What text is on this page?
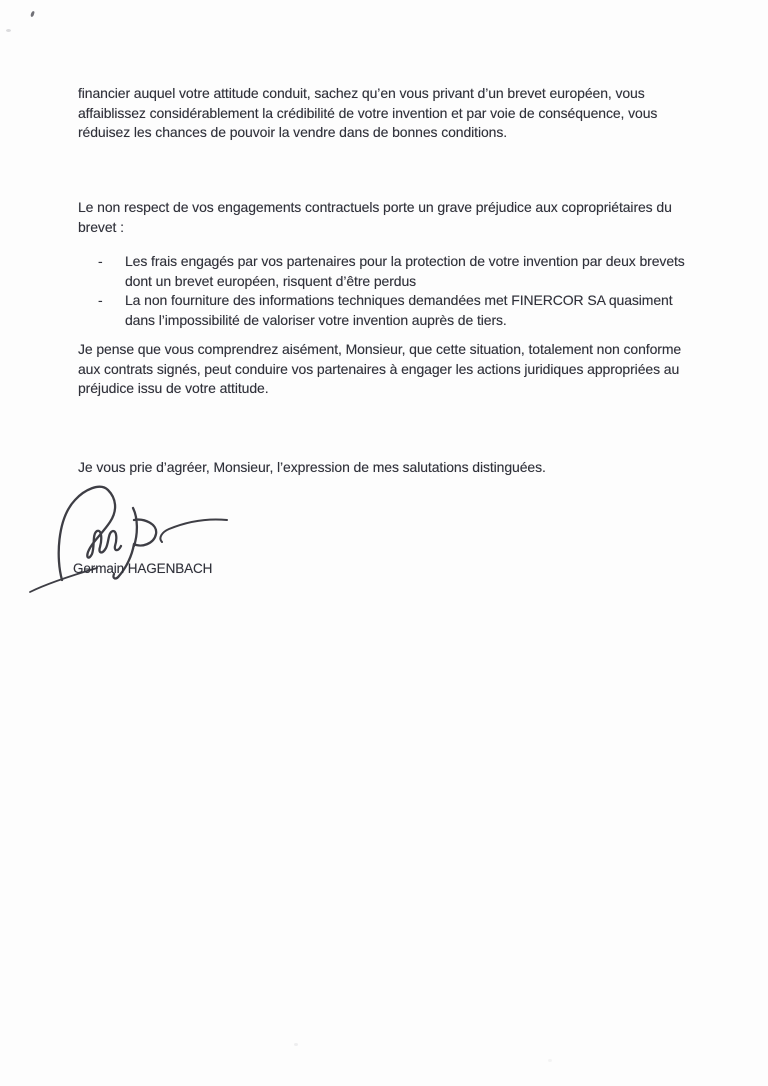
financier auquel votre attitude conduit, sachez qu’en vous privant d’un brevet européen, vous
affaiblissez considérablement la crédibilité de votre invention et par voie de conséquence, vous
réduisez les chances de pouvoir la vendre dans de bonnes conditions.
Le non respect de vos engagements contractuels porte un grave préjudice aux copropriétaires du
brevet :
- Les frais engagés par vos partenaires pour la protection de votre invention par deux brevets
dont un brevet européen, risquent d’être perdus
- La non fourniture des informations techniques demandées met FINERCOR SA quasiment
dans l’impossibilité de valoriser votre invention auprès de tiers.
Je pense que vous comprendrez aisément, Monsieur, que cette situation, totalement non conforme
aux contrats signés, peut conduire vos partenaires à engager les actions juridiques appropriées au
préjudice issu de votre attitude.
Je vous prie d’agréer, Monsieur, l’expression de mes salutations distinguées.
Germain HAGENBACH
